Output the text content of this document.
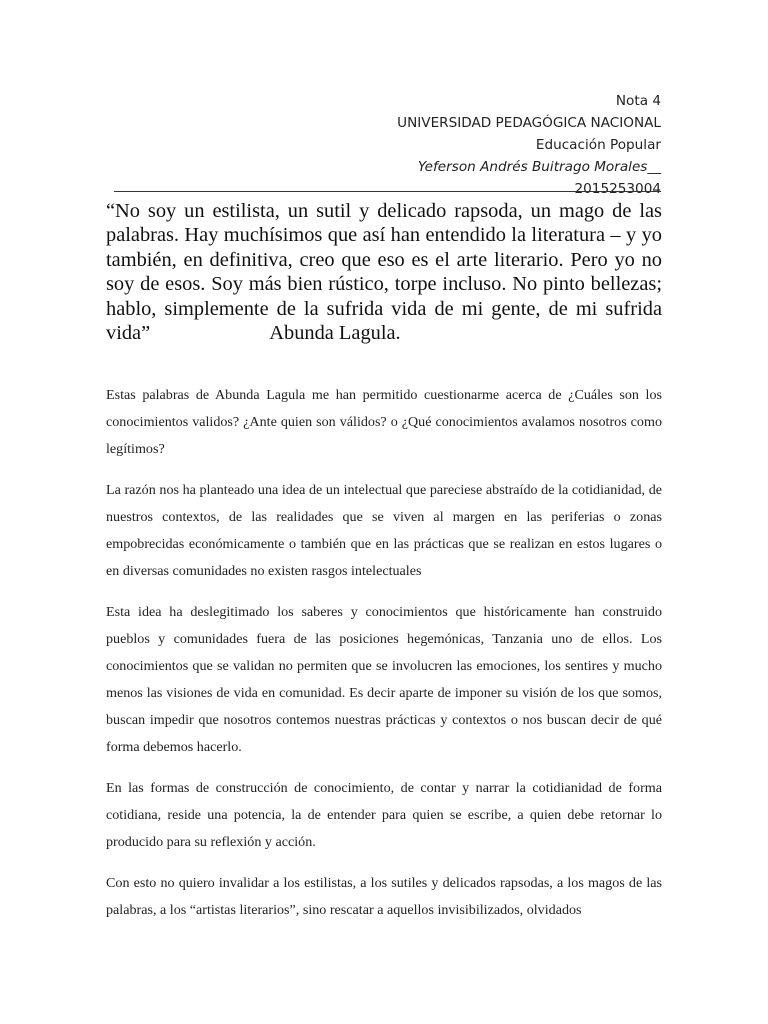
Nota 4
UNIVERSIDAD PEDAGÓGICA NACIONAL
Educación Popular
Yeferson Andrés Buitrago Morales__
2015253004
“No soy un estilista, un sutil y delicado rapsoda, un mago de las palabras. Hay muchísimos que así han entendido la literatura – y yo también, en definitiva, creo que eso es el arte literario. Pero yo no soy de esos. Soy más bien rústico, torpe incluso. No pinto bellezas; hablo, simplemente de la sufrida vida de mi gente, de mi sufrida vida”	Abunda Lagula.

Estas palabras de Abunda Lagula me han permitido cuestionarme acerca de ¿Cuáles son los conocimientos validos? ¿Ante quien son válidos? o ¿Qué conocimientos avalamos nosotros como legítimos?

La razón nos ha planteado una idea de un intelectual que pareciese abstraído de la cotidianidad, de nuestros contextos, de las realidades que se viven al margen en las periferias o zonas empobrecidas económicamente o también que en las prácticas que se realizan en estos lugares o en diversas comunidades no existen rasgos intelectuales

Esta idea ha deslegitimado los saberes y conocimientos que históricamente han construido pueblos y comunidades fuera de las posiciones hegemónicas, Tanzania uno de ellos. Los conocimientos que se validan no permiten que se involucren las emociones, los sentires y mucho menos las visiones de vida en comunidad. Es decir aparte de imponer su visión de los que somos, buscan impedir que nosotros contemos nuestras prácticas y contextos o nos buscan decir de qué forma debemos hacerlo.

En las formas de construcción de conocimiento, de contar y narrar la cotidianidad de forma cotidiana, reside una potencia, la de entender para quien se escribe, a quien debe retornar lo producido para su reflexión y acción.

Con esto no quiero invalidar a los estilistas, a los sutiles y delicados rapsodas, a los magos de las palabras, a los “artistas literarios”, sino rescatar a aquellos invisibilizados, olvidados
